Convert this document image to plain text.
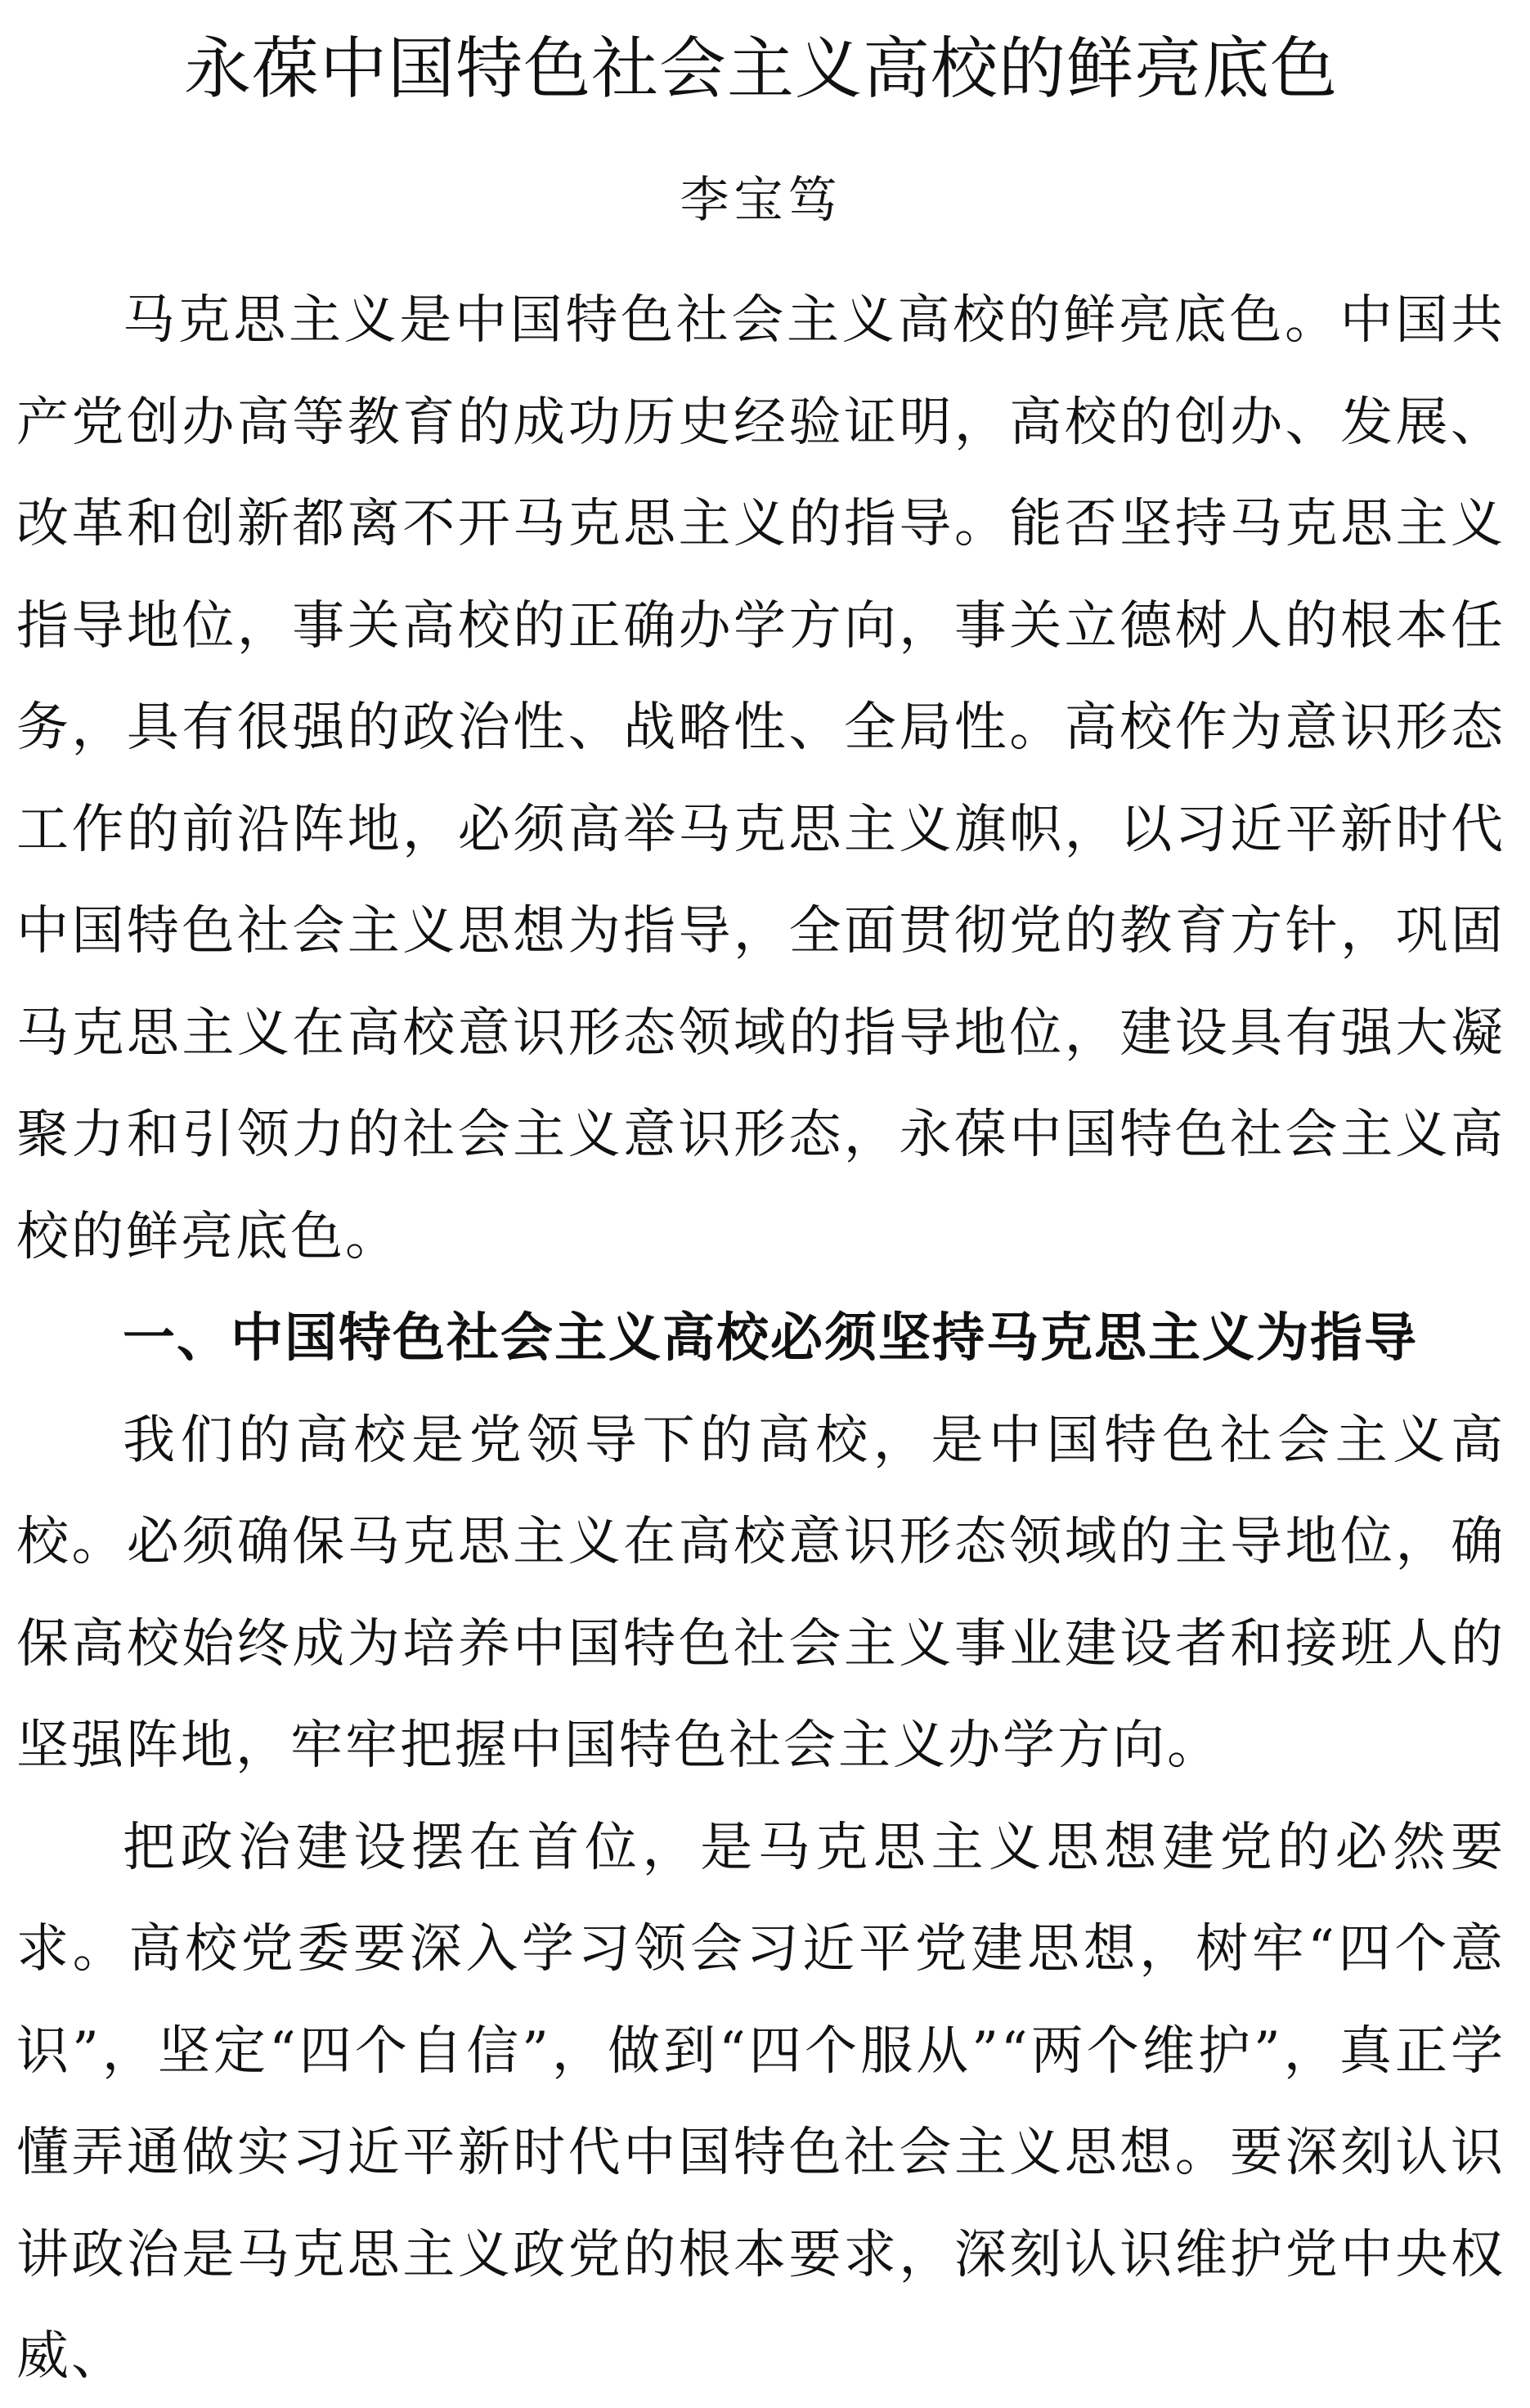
永葆中国特色社会主义高校的鲜亮底色
李宝笃

马克思主义是中国特色社会主义高校的鲜亮底色。中国共产党创办高等教育的成功历史经验证明，高校的创办、发展、改革和创新都离不开马克思主义的指导。能否坚持马克思主义指导地位，事关高校的正确办学方向，事关立德树人的根本任务，具有很强的政治性、战略性、全局性。高校作为意识形态工作的前沿阵地，必须高举马克思主义旗帜，以习近平新时代中国特色社会主义思想为指导，全面贯彻党的教育方针，巩固马克思主义在高校意识形态领域的指导地位，建设具有强大凝聚力和引领力的社会主义意识形态，永葆中国特色社会主义高校的鲜亮底色。

一、中国特色社会主义高校必须坚持马克思主义为指导

我们的高校是党领导下的高校，是中国特色社会主义高校。必须确保马克思主义在高校意识形态领域的主导地位，确保高校始终成为培养中国特色社会主义事业建设者和接班人的坚强阵地，牢牢把握中国特色社会主义办学方向。

把政治建设摆在首位，是马克思主义思想建党的必然要求。高校党委要深入学习领会习近平党建思想，树牢“四个意识”，坚定“四个自信”，做到“四个服从”“两个维护”，真正学懂弄通做实习近平新时代中国特色社会主义思想。要深刻认识讲政治是马克思主义政党的根本要求，深刻认识维护党中央权威、
